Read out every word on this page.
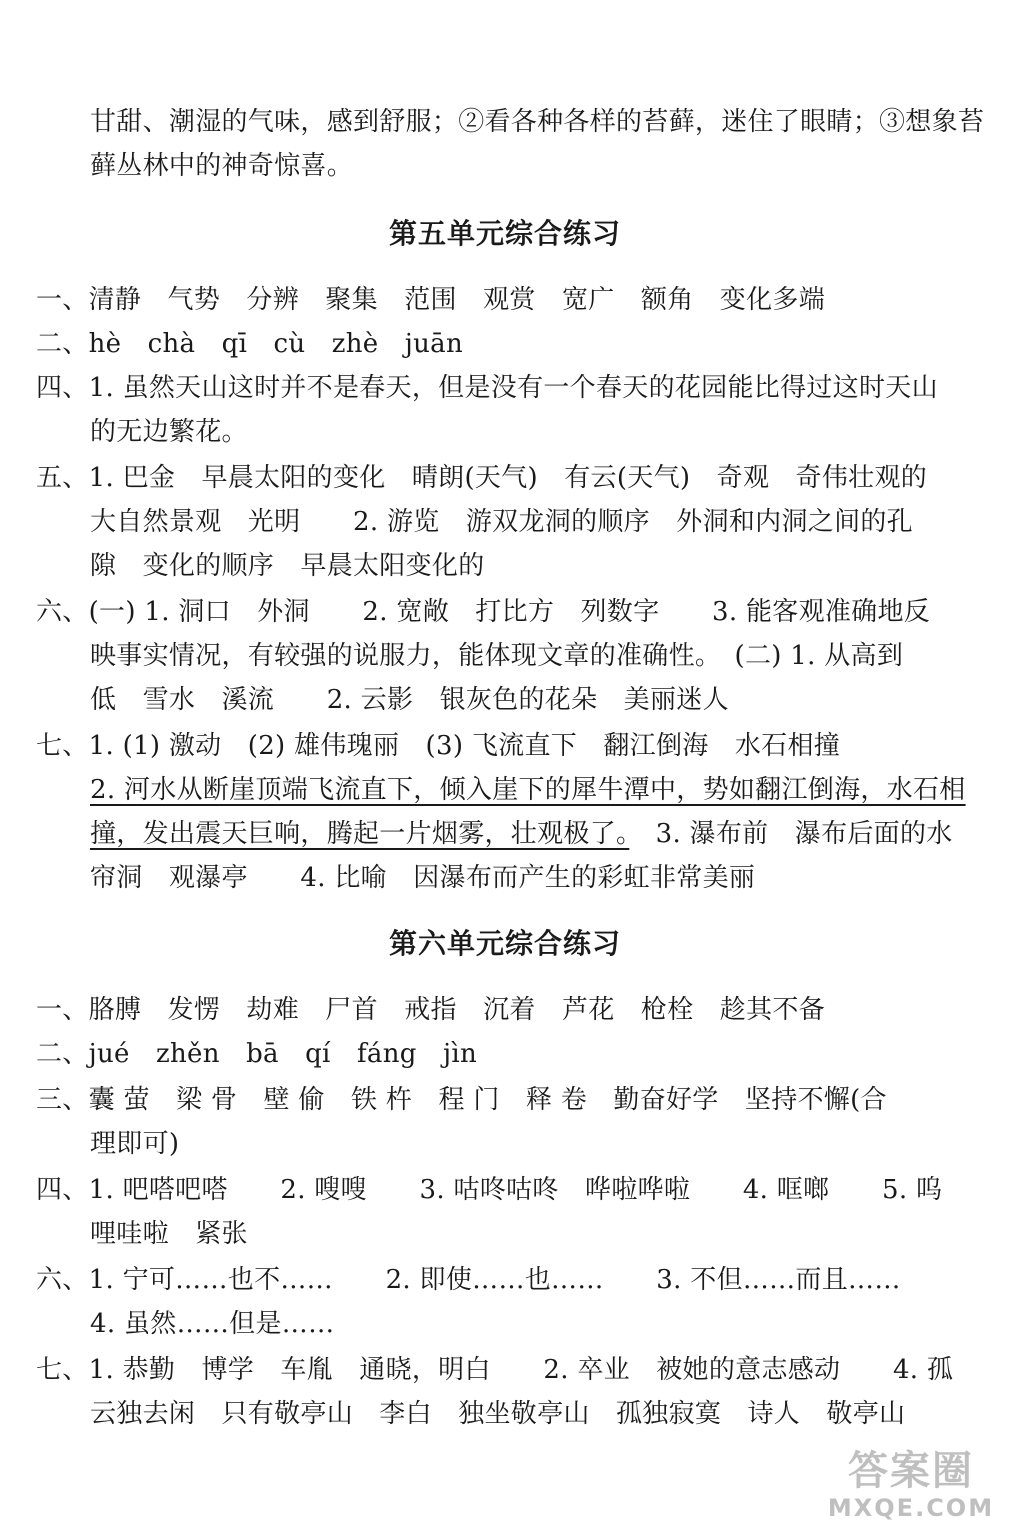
甘甜、潮湿的气味，感到舒服；②看各种各样的苔藓，迷住了眼睛；③想象苔
藓丛林中的神奇惊喜。
第五单元综合练习
一、清静　气势　分辨　聚集　范围　观赏　宽广　额角　变化多端
二、hè　chà　qī　cù　zhè　juān
四、1. 虽然天山这时并不是春天，但是没有一个春天的花园能比得过这时天山
的无边繁花。
五、1. 巴金　早晨太阳的变化　晴朗(天气)　有云(天气)　奇观　奇伟壮观的
大自然景观　光明　　2. 游览　游双龙洞的顺序　外洞和内洞之间的孔
隙　变化的顺序　早晨太阳变化的
六、(一) 1. 洞口　外洞　　2. 宽敞　打比方　列数字　　3. 能客观准确地反
映事实情况，有较强的说服力，能体现文章的准确性。　(二) 1. 从高到
低　雪水　溪流　　2. 云影　银灰色的花朵　美丽迷人
七、1. (1) 激动　(2) 雄伟瑰丽　(3) 飞流直下　翻江倒海　水石相撞
2. 河水从断崖顶端飞流直下，倾入崖下的犀牛潭中，势如翻江倒海，水石相
撞，发出震天巨响，腾起一片烟雾，壮观极了。　3. 瀑布前　瀑布后面的水
帘洞　观瀑亭　　4. 比喻　因瀑布而产生的彩虹非常美丽
第六单元综合练习
一、胳膊　发愣　劫难　尸首　戒指　沉着　芦花　枪栓　趁其不备
二、jué　zhěn　bā　qí　fáng　jìn
三、囊 萤　梁 骨　壁 偷　铁 杵　程 门　释 卷　勤奋好学　坚持不懈(合
理即可)
四、1. 吧嗒吧嗒　　2. 嗖嗖　　3. 咕咚咕咚　哗啦哗啦　　4. 哐啷　　5. 呜
哩哇啦　紧张
六、1. 宁可……也不……　　2. 即使……也……　　3. 不但……而且……
4. 虽然……但是……
七、1. 恭勤　博学　车胤　通晓，明白　　2. 卒业　被她的意志感动　　4. 孤
云独去闲　只有敬亭山　李白　独坐敬亭山　孤独寂寞　诗人　敬亭山
答案圈
MXQE.COM
